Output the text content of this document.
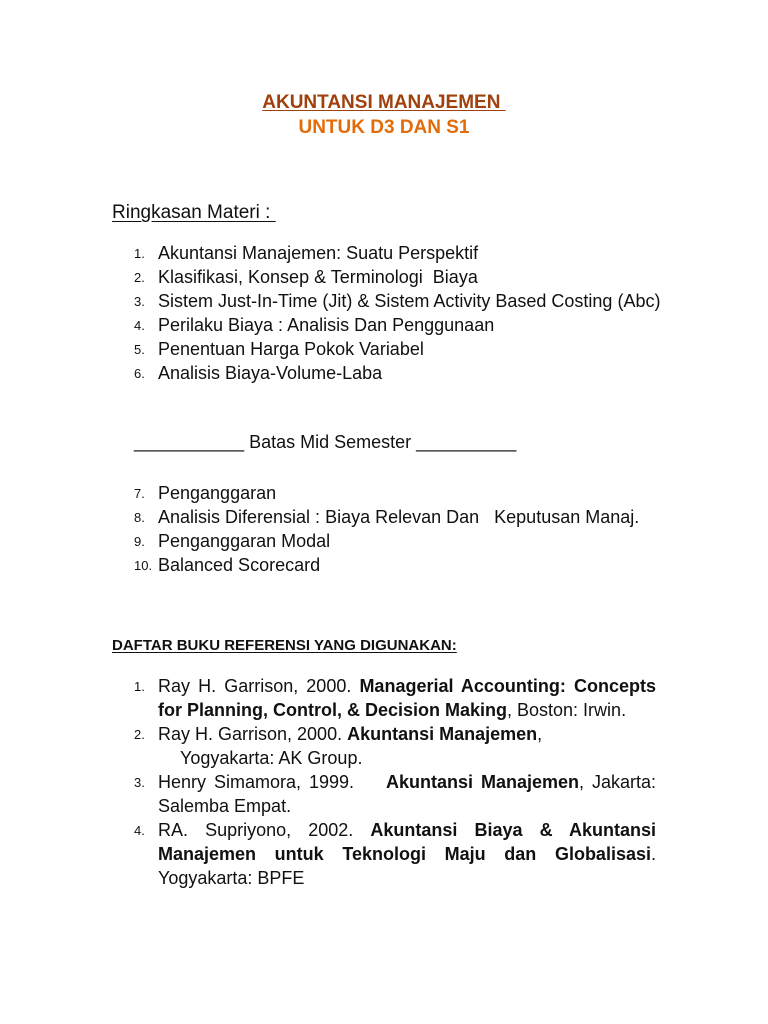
AKUNTANSI MANAJEMEN
UNTUK D3 DAN S1
Ringkasan Materi :
1. Akuntansi Manajemen: Suatu Perspektif
2. Klasifikasi, Konsep & Terminologi  Biaya
3. Sistem Just-In-Time (Jit) & Sistem Activity Based Costing (Abc)
4. Perilaku Biaya : Analisis Dan Penggunaan
5. Penentuan Harga Pokok Variabel
6. Analisis Biaya-Volume-Laba
___________ Batas Mid Semester __________
7. Penganggaran
8. Analisis Diferensial : Biaya Relevan Dan   Keputusan Manaj.
9. Penganggaran Modal
10. Balanced Scorecard
DAFTAR BUKU REFERENSI YANG DIGUNAKAN:
1. Ray H. Garrison, 2000. Managerial Accounting: Concepts for Planning, Control, & Decision Making, Boston: Irwin.
2. Ray H. Garrison, 2000. Akuntansi Manajemen,
Yogyakarta: AK Group.
3. Henry Simamora, 1999. Akuntansi Manajemen, Jakarta: Salemba Empat.
4. RA. Supriyono, 2002. Akuntansi Biaya & Akuntansi Manajemen untuk Teknologi Maju dan Globalisasi. Yogyakarta: BPFE
